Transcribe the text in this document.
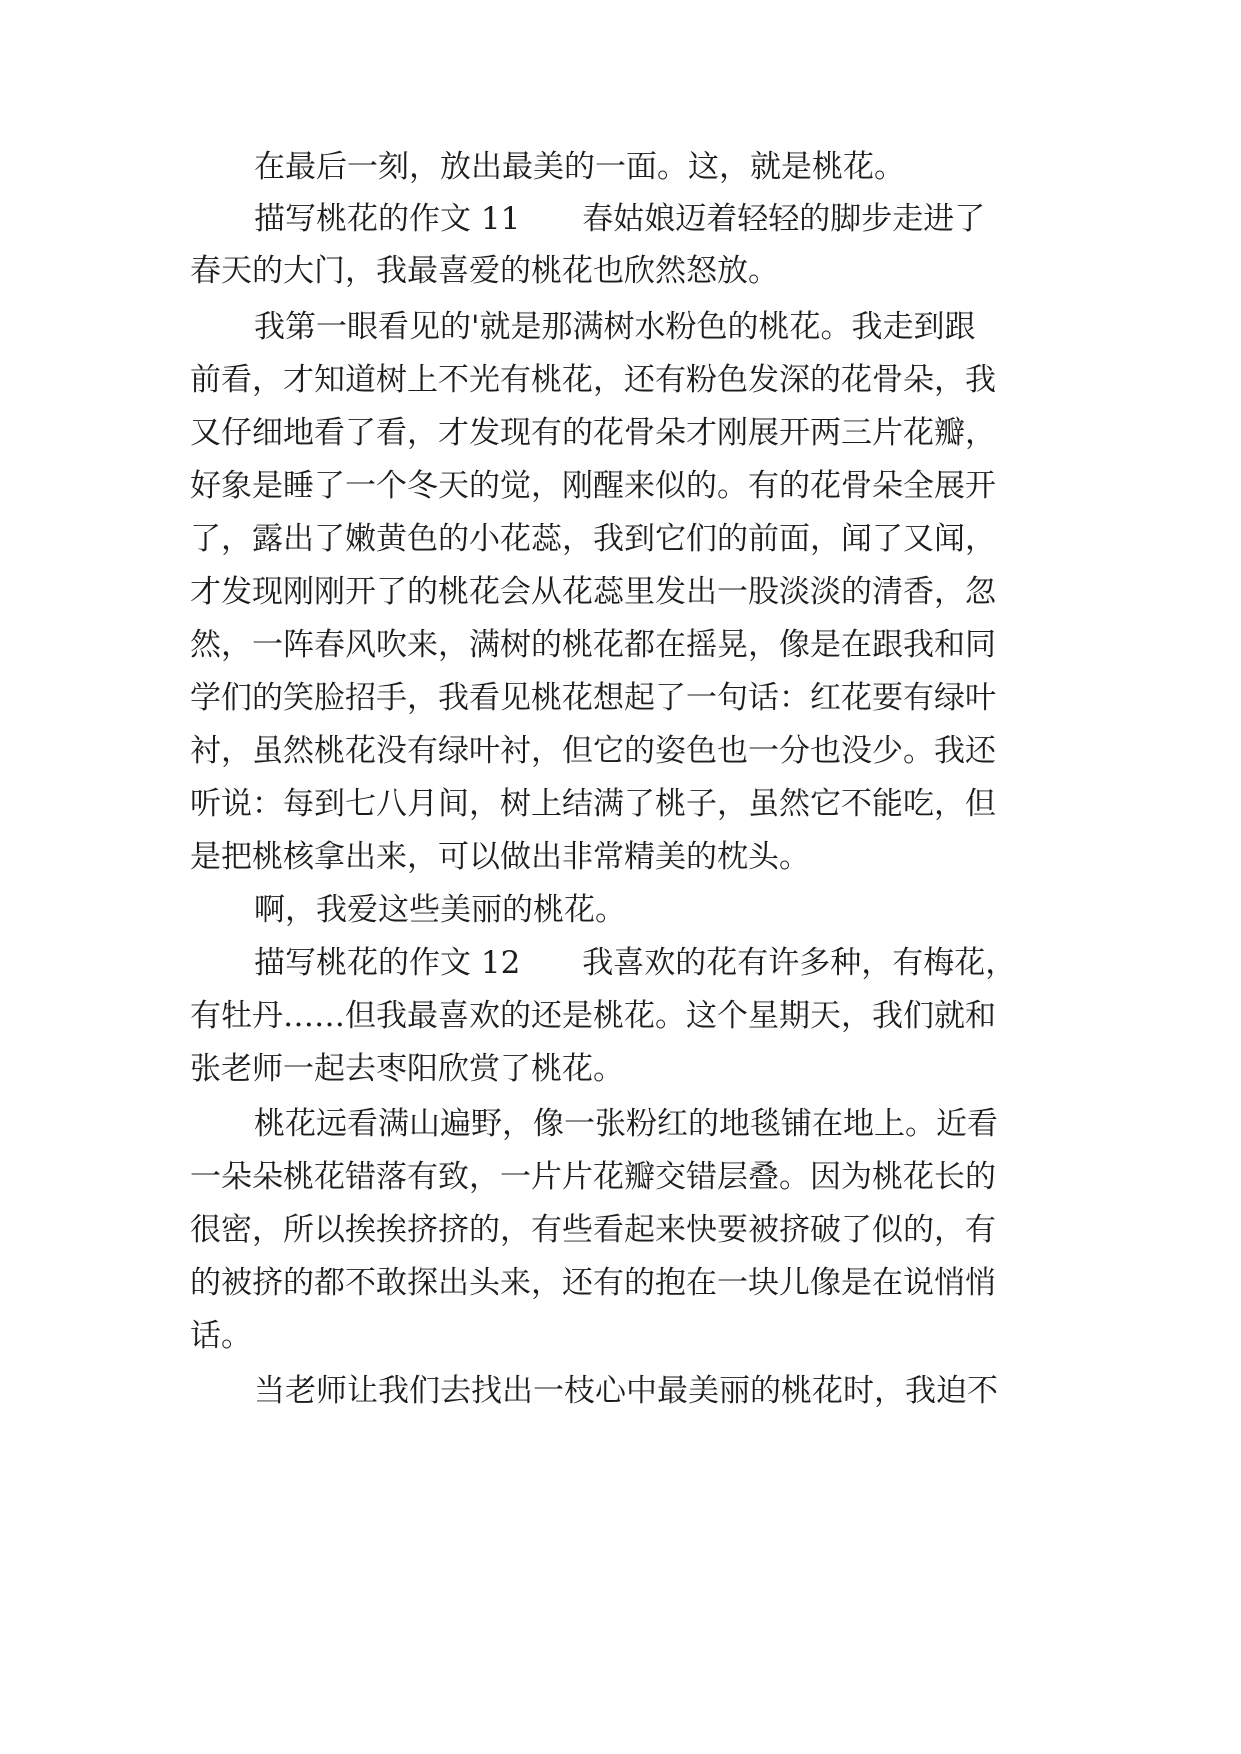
在最后一刻，放出最美的一面。这，就是桃花。
描写桃花的作文 11　　春姑娘迈着轻轻的脚步走进了
春天的大门，我最喜爱的桃花也欣然怒放。
我第一眼看见的'就是那满树水粉色的桃花。我走到跟
前看，才知道树上不光有桃花，还有粉色发深的花骨朵，我
又仔细地看了看，才发现有的花骨朵才刚展开两三片花瓣，
好象是睡了一个冬天的觉，刚醒来似的。有的花骨朵全展开
了，露出了嫩黄色的小花蕊，我到它们的前面，闻了又闻，
才发现刚刚开了的桃花会从花蕊里发出一股淡淡的清香，忽
然，一阵春风吹来，满树的桃花都在摇晃，像是在跟我和同
学们的笑脸招手，我看见桃花想起了一句话：红花要有绿叶
衬，虽然桃花没有绿叶衬，但它的姿色也一分也没少。我还
听说：每到七八月间，树上结满了桃子，虽然它不能吃，但
是把桃核拿出来，可以做出非常精美的枕头。
啊，我爱这些美丽的桃花。
描写桃花的作文 12　　我喜欢的花有许多种，有梅花，
有牡丹……但我最喜欢的还是桃花。这个星期天，我们就和
张老师一起去枣阳欣赏了桃花。
桃花远看满山遍野，像一张粉红的地毯铺在地上。近看
一朵朵桃花错落有致，一片片花瓣交错层叠。因为桃花长的
很密，所以挨挨挤挤的，有些看起来快要被挤破了似的，有
的被挤的都不敢探出头来，还有的抱在一块儿像是在说悄悄
话。
当老师让我们去找出一枝心中最美丽的桃花时，我迫不
